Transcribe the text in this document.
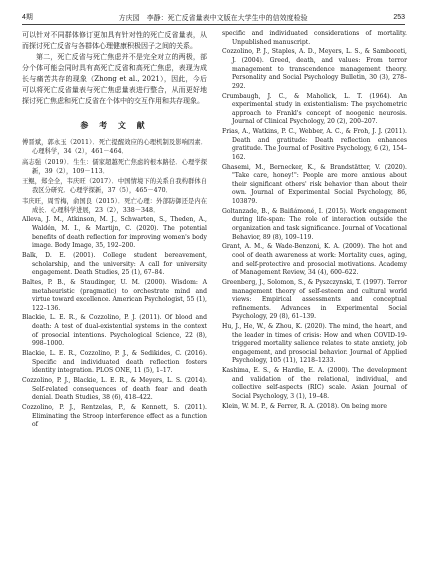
4期	方庆园　李静：死亡反省量表中文版在大学生中的信效度检验	253

可以针对不同群体修订更加具有针对性的死亡反省量表，从而探讨死亡反省与各群体心理健康积极因子之间的关系。

第二，死亡反省与死亡焦虑并不是完全对立的两极，部分个体可能会同时具有高死亡反省和高死亡焦虑，表现为成长与痛苦共存的现象（Zhong et al., 2021），因此，今后可以将死亡反省量表与死亡焦虑量表进行整合，从而更好地探讨死亡焦虑和死亡反省在个体中的交互作用和共存现象。

参 考 文 献

傅晋斌，郭永玉（2011）．死亡提醒效应的心理机制及影响因素．心理科学，34（2），461－464．

高志强（2019）．生生：儒家超越死亡焦虑的根本路径．心理学探新，39（2），109－113．

王鲲，郑全全，韦庆旺（2017）．中国情境下的关系自我构群体自我区分研究．心理学探新，37（5），465－470．

韦庆旺，周雪梅，俞国良（2015）．死亡心理：外部防御还是内在成长．心理科学进展，23（2），338－348．

Alleva, J. M., Atkinson, M. J., Schwarten, S., Theden, A., Waldén, M. I., & Martijn, C. (2020). The potential benefits of death reflection for improving women's body image. Body Image, 35, 192–200.

Balk, D. E. (2001). College student bereavement, scholarship, and the university: A call for university engagement. Death Studies, 25 (1), 67–84.

Baltes, P. B., & Staudinger, U. M. (2000). Wisdom: A metaheuristic (pragmatic) to orchestrate mind and virtue toward excellence. American Psychologist, 55 (1), 122–136.

Blackie, L. E. R., & Cozzolino, P. J. (2011). Of blood and death: A test of dual-existential systems in the context of prosocial intentions. Psychological Science, 22 (8), 998–1000.

Blackie, L. E. R., Cozzolino, P. J., & Sedikides, C. (2016). Specific and individuated death reflection fosters identity integration. PLOS ONE, 11 (5), 1–17.

Cozzolino, P. J., Blackie, L. E. R., & Meyers, L. S. (2014). Self-related consequences of death fear and death denial. Death Studies, 38 (6), 418–422.

Cozzolino, P. J., Rentzelas, P., & Kennett, S. (2011). Eliminating the Stroop interference effect as a function of

specific and individuated considerations of mortality. Unpublished manuscript.

Cozzolino, P. J., Staples, A. D., Meyers, L. S., & Samboceti, J. (2004). Greed, death, and values: From terror management to transcendence management theory. Personality and Social Psychology Bulletin, 30 (3), 278–292.

Crumbaugh, J. C., & Maholick, L. T. (1964). An experimental study in existentialism: The psychometric approach to Frankl's concept of noogenic neurosis. Journal of Clinical Psychology, 20 (2), 200–207.

Frias, A., Watkins, P. C., Webber, A. C., & Froh, J. J. (2011). Death and gratitude: Death reflection enhances gratitude. The Journal of Positive Psychology, 6 (2), 154–162.

Ghasemi, M., Bernecker, K., & Brandstätter, V. (2020). "Take care, honey!": People are more anxious about their significant others' risk behavior than about their own. Journal of Experimental Social Psychology, 86, 103879.

Goltanzade, B., & Baiñámoné, I. (2015). Work engagement during life-span: The role of interaction outside the organization and task significance. Journal of Vocational Behavior, 89 (8), 109–119.

Grant, A. M., & Wade-Benzoni, K. A. (2009). The hot and cool of death awareness at work: Mortality cues, aging, and self-protective and prosocial motivations. Academy of Management Review, 34 (4), 600–622.

Greenberg, J., Solomon, S., & Pyszczynski, T. (1997). Terror management theory of self-esteem and cultural world views: Empirical assessments and conceptual refinements. Advances in Experimental Social Psychology, 29 (8), 61–139.

Hu, J., He, W., & Zhou, K. (2020). The mind, the heart, and the leader in times of crisis: How and when COVID-19-triggered mortality salience relates to state anxiety, job engagement, and prosocial behavior. Journal of Applied Psychology, 105 (11), 1218–1233.

Kashima, E. S., & Hardie, E. A. (2000). The development and validation of the relational, individual, and collective self-aspects (RIC) scale. Asian Journal of Social Psychology, 3 (1), 19–48.

Klein, W. M. P., & Ferrer, R. A. (2018). On being more
